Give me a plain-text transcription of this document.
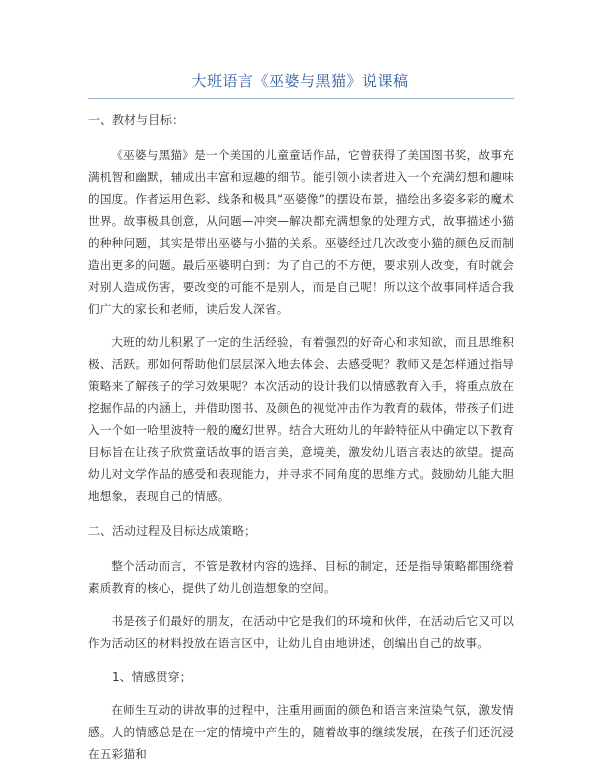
大班语言《巫婆与黑猫》说课稿
一、教材与目标：

《巫婆与黑猫》是一个美国的儿童童话作品，它曾获得了美国图书奖，故事充满机智和幽默，辅成出丰富和逗趣的细节。能引领小读者进入一个充满幻想和趣味的国度。作者运用色彩、线条和极具“巫婆像”的摆设布景，描绘出多姿多彩的魔术世界。故事极具创意，从问题—冲突—解决都充满想象的处理方式，故事描述小猫的种种问题，其实是带出巫婆与小猫的关系。巫婆经过几次改变小猫的颜色反而制造出更多的问题。最后巫婆明白到：为了自己的不方便，要求别人改变，有时就会对别人造成伤害，要改变的可能不是别人，而是自己呢！所以这个故事同样适合我们广大的家长和老师，读后发人深省。

大班的幼儿积累了一定的生活经验，有着强烈的好奇心和求知欲，而且思维积极、活跃。那如何帮助他们层层深入地去体会、去感受呢？教师又是怎样通过指导策略来了解孩子的学习效果呢？本次活动的设计我们以情感教育入手，将重点放在挖掘作品的内涵上，并借助图书、及颜色的视觉冲击作为教育的载体，带孩子们进入一个如一哈里波特一般的魔幻世界。结合大班幼儿的年龄特征从中确定以下教育目标旨在让孩子欣赏童话故事的语言美，意境美，激发幼儿语言表达的欲望。提高幼儿对文学作品的感受和表现能力，并寻求不同角度的思维方式。鼓励幼儿能大胆地想象，表现自己的情感。

二、活动过程及目标达成策略；

整个活动而言，不管是教材内容的选择、目标的制定，还是指导策略都围绕着素质教育的核心，提供了幼儿创造想象的空间。

书是孩子们最好的朋友，在活动中它是我们的环境和伙伴，在活动后它又可以作为活动区的材料投放在语言区中，让幼儿自由地讲述，创编出自己的故事。

1、情感贯穿；

在师生互动的讲故事的过程中，注重用画面的颜色和语言来渲染气氛，激发情感。人的情感总是在一定的情境中产生的，随着故事的继续发展，在孩子们还沉浸在五彩猫和
